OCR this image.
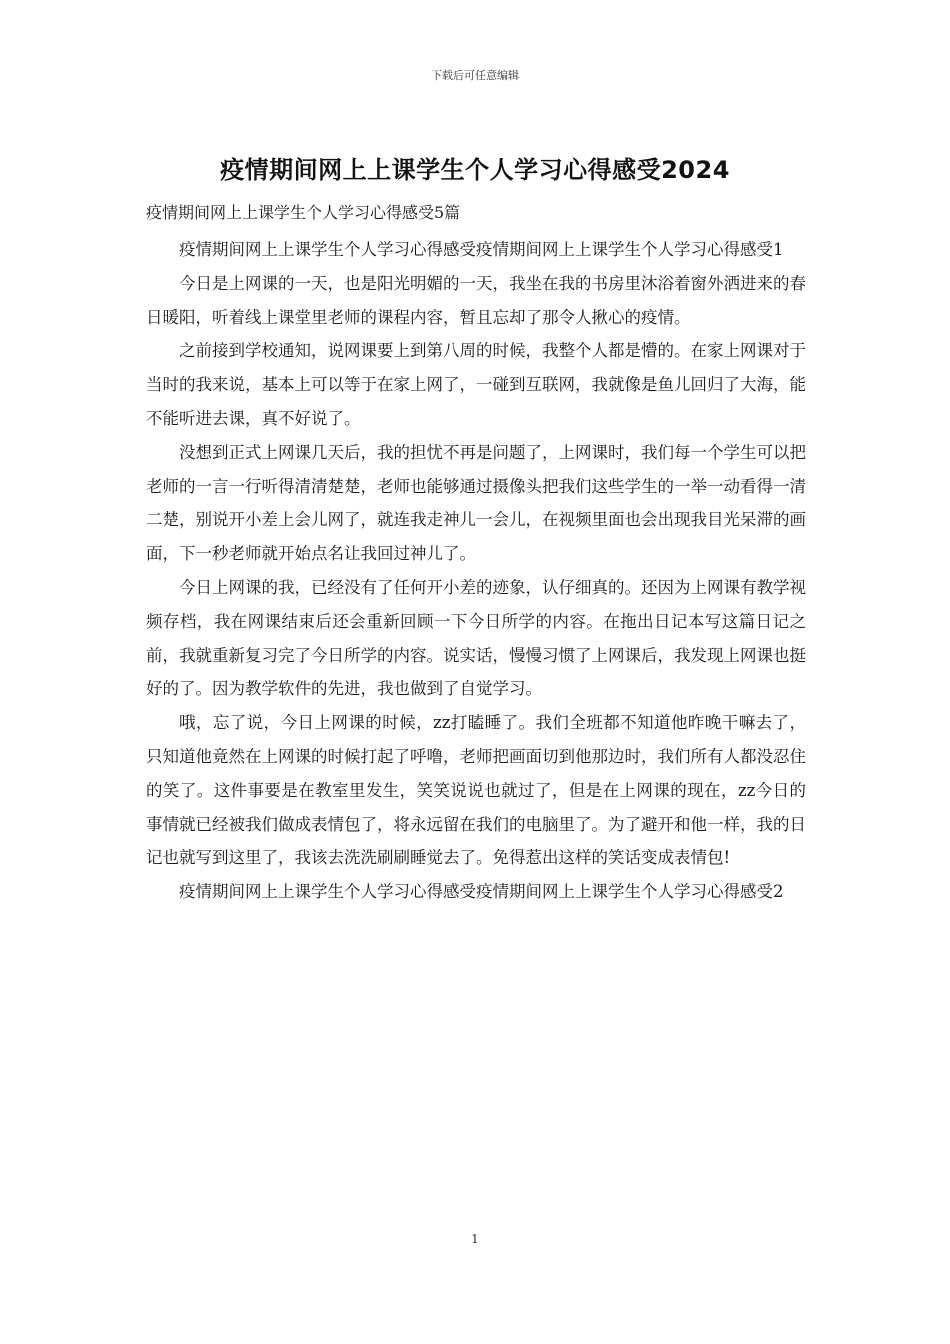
下载后可任意编辑
疫情期间网上上课学生个人学习心得感受2024
疫情期间网上上课学生个人学习心得感受5篇

疫情期间网上上课学生个人学习心得感受疫情期间网上上课学生个人学习心得感受1

今日是上网课的一天，也是阳光明媚的一天，我坐在我的书房里沐浴着窗外洒进来的春日暖阳，听着线上课堂里老师的课程内容，暂且忘却了那令人揪心的疫情。

之前接到学校通知，说网课要上到第八周的时候，我整个人都是懵的。在家上网课对于当时的我来说，基本上可以等于在家上网了，一碰到互联网，我就像是鱼儿回归了大海，能不能听进去课，真不好说了。

没想到正式上网课几天后，我的担忧不再是问题了，上网课时，我们每一个学生可以把老师的一言一行听得清清楚楚，老师也能够通过摄像头把我们这些学生的一举一动看得一清二楚，别说开小差上会儿网了，就连我走神儿一会儿，在视频里面也会出现我目光呆滞的画面，下一秒老师就开始点名让我回过神儿了。

今日上网课的我，已经没有了任何开小差的迹象，认仔细真的。还因为上网课有教学视频存档，我在网课结束后还会重新回顾一下今日所学的内容。在拖出日记本写这篇日记之前，我就重新复习完了今日所学的内容。说实话，慢慢习惯了上网课后，我发现上网课也挺好的了。因为教学软件的先进，我也做到了自觉学习。

哦，忘了说，今日上网课的时候，zz打瞌睡了。我们全班都不知道他昨晚干嘛去了，只知道他竟然在上网课的时候打起了呼噜，老师把画面切到他那边时，我们所有人都没忍住的笑了。这件事要是在教室里发生，笑笑说说也就过了，但是在上网课的现在，zz今日的事情就已经被我们做成表情包了，将永远留在我们的电脑里了。为了避开和他一样，我的日记也就写到这里了，我该去洗洗刷刷睡觉去了。免得惹出这样的笑话变成表情包!

疫情期间网上上课学生个人学习心得感受疫情期间网上上课学生个人学习心得感受2

1
